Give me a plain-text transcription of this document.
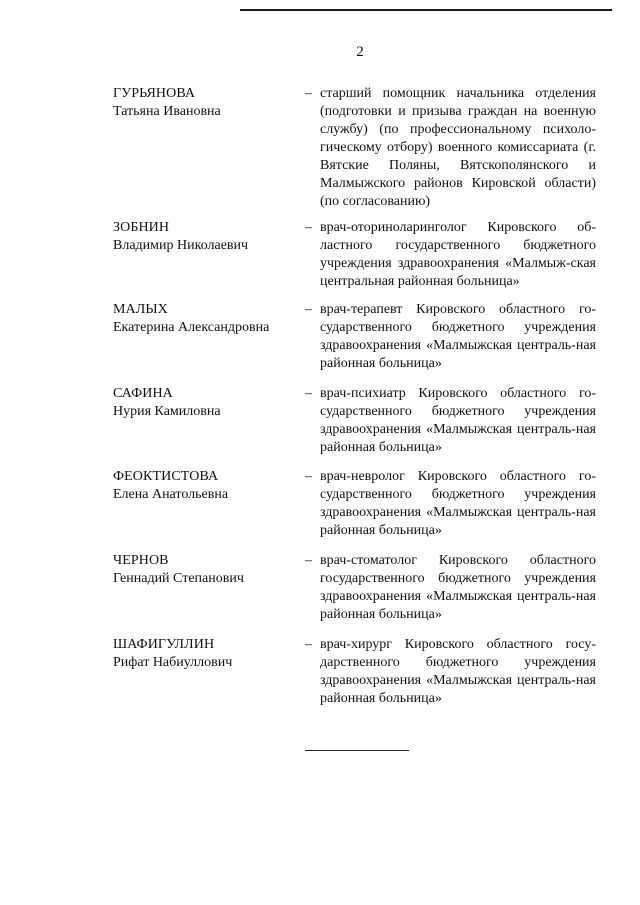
2
ГУРЬЯНОВА
Татьяна Ивановна
– старший помощник начальника отделения (подготовки и призыва граждан на военную службу) (по профессиональному психоло-гическому отбору) военного комиссариата (г. Вятские Поляны, Вятскополянского и Малмыжского районов Кировской области) (по согласованию)
ЗОБНИН
Владимир Николаевич
– врач-оториноларинголог Кировского об-ластного государственного бюджетного учреждения здравоохранения «Малмыж-ская центральная районная больница»
МАЛЫХ
Екатерина Александровна
– врач-терапевт Кировского областного го-сударственного бюджетного учреждения здравоохранения «Малмыжская централь-ная районная больница»
САФИНА
Нурия Камиловна
– врач-психиатр Кировского областного го-сударственного бюджетного учреждения здравоохранения «Малмыжская централь-ная районная больница»
ФЕОКТИСТОВА
Елена Анатольевна
– врач-невролог Кировского областного го-сударственного бюджетного учреждения здравоохранения «Малмыжская централь-ная районная больница»
ЧЕРНОВ
Геннадий Степанович
– врач-стоматолог Кировского областного государственного бюджетного учреждения здравоохранения «Малмыжская централь-ная районная больница»
ШАФИГУЛЛИН
Рифат Набиуллович
– врач-хирург Кировского областного госу-дарственного бюджетного учреждения здравоохранения «Малмыжская централь-ная районная больница»
